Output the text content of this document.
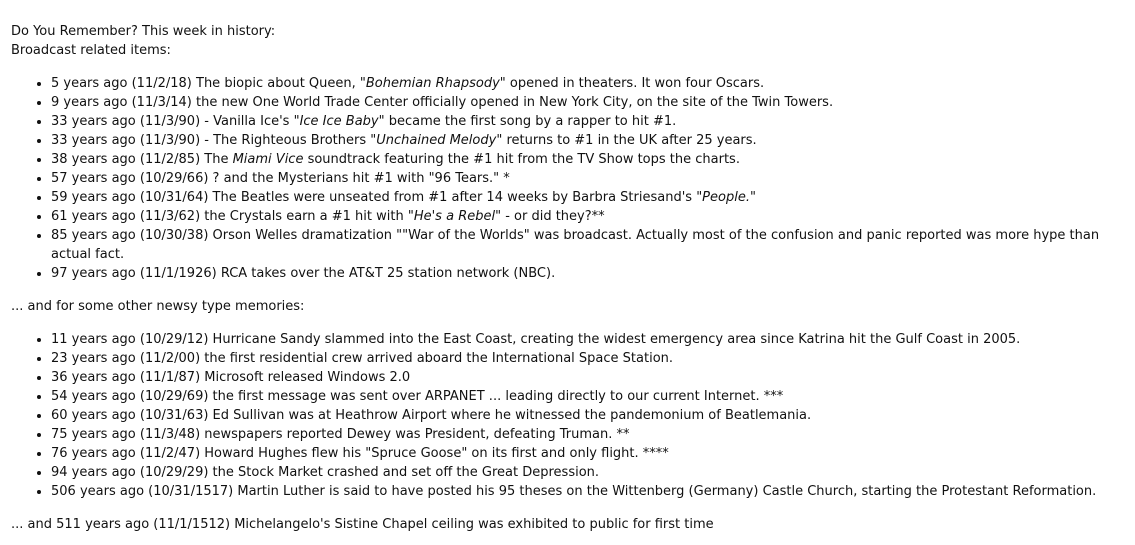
Do You Remember? This week in history:

Broadcast related items:

• 5 years ago (11/2/18) The biopic about Queen, "Bohemian Rhapsody" opened in theaters. It won four Oscars.
• 9 years ago (11/3/14) the new One World Trade Center officially opened in New York City, on the site of the Twin Towers.
• 33 years ago (11/3/90) - Vanilla Ice's "Ice Ice Baby" became the first song by a rapper to hit #1.
• 33 years ago (11/3/90) - The Righteous Brothers "Unchained Melody" returns to #1 in the UK after 25 years.
• 38 years ago (11/2/85) The Miami Vice soundtrack featuring the #1 hit from the TV Show tops the charts.
• 57 years ago (10/29/66) ? and the Mysterians hit #1 with "96 Tears." *
• 59 years ago (10/31/64) The Beatles were unseated from #1 after 14 weeks by Barbra Striesand's "People."
• 61 years ago (11/3/62) the Crystals earn a #1 hit with "He's a Rebel" - or did they?**
• 85 years ago (10/30/38) Orson Welles dramatization ""War of the Worlds" was broadcast. Actually most of the confusion and panic reported was more hype than actual fact.
• 97 years ago (11/1/1926) RCA takes over the AT&T 25 station network (NBC).

... and for some other newsy type memories:

• 11 years ago (10/29/12) Hurricane Sandy slammed into the East Coast, creating the widest emergency area since Katrina hit the Gulf Coast in 2005.
• 23 years ago (11/2/00) the first residential crew arrived aboard the International Space Station.
• 36 years ago (11/1/87) Microsoft released Windows 2.0
• 54 years ago (10/29/69) the first message was sent over ARPANET ... leading directly to our current Internet. ***
• 60 years ago (10/31/63) Ed Sullivan was at Heathrow Airport where he witnessed the pandemonium of Beatlemania.
• 75 years ago (11/3/48) newspapers reported Dewey was President, defeating Truman. **
• 76 years ago (11/2/47) Howard Hughes flew his "Spruce Goose" on its first and only flight. ****
• 94 years ago (10/29/29) the Stock Market crashed and set off the Great Depression.
• 506 years ago (10/31/1517) Martin Luther is said to have posted his 95 theses on the Wittenberg (Germany) Castle Church, starting the Protestant Reformation.

... and 511 years ago (11/1/1512) Michelangelo's Sistine Chapel ceiling was exhibited to public for first time
